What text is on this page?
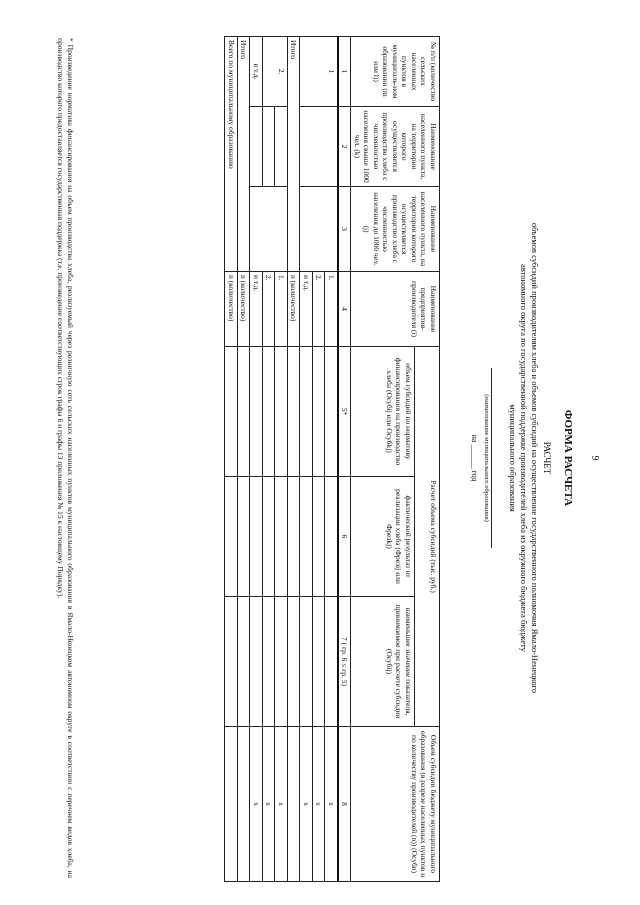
9
ФОРМА РАСЧЕТА
РАСЧЕТ
объемов субсидий производителям хлеба и объемов субсидий на осуществление государственного полномочия Ямало-Ненецкого
автономного округа по государственной поддержке производителей хлеба из окружного бюджета бюджету
муниципального образования
(наименование муниципального образования)
на ______ год
№ п/п (количество сельских населенных пунктов в муниципаль-ном образовании (m или l))	Наименование населенного пункта, на территории которого осуществляется производство хлеба с численностью населения свыше 1000 чел. (k)	Наименование населенного пункта, на территории которого осуществляется производство хлеба с численностью населения до 1000 чел. (j)	Наименование предприятия-производителя (i)	Расчет объема субсидий (тыс. руб.)			Объем субсидии бюджету муниципального образования (в разрезе населенных пунктов и по количеству производителей (n)) (Осубn)
				объем субсидий по нормативу финансирования на производство хлеба (Осубij или Осубkj)	фактический результат от реализации хлеба (Фрезij или Фрезkj)	наименьшее значение показателя, принимаемое при расчете субсидии (Осубij)	
1	2	3	4	5*	6	7 ( гр. 6 ≤ гр. 5)	8
1			1.				x
			2.				x
			и т.д.				x
Итого			n (количество)				
2.			1.				x
			2.				x
и т.д.			и т.д.				x
Итого			n (количество)				
Всего по муниципальному образованию			n (количество)				
* Произведение норматива финансирования на объем производства хлеба, реализуемый через розничную сеть сельских населенных пунктов муниципального образования в Ямало-Ненецком автономном округе в соответствии с перечнем видов хлеба, на производство которого предоставляется государственная поддержка (т.е. произведение соответствующих строк графы 6 и графы 13 приложения № 15 к настоящему Порядку).
